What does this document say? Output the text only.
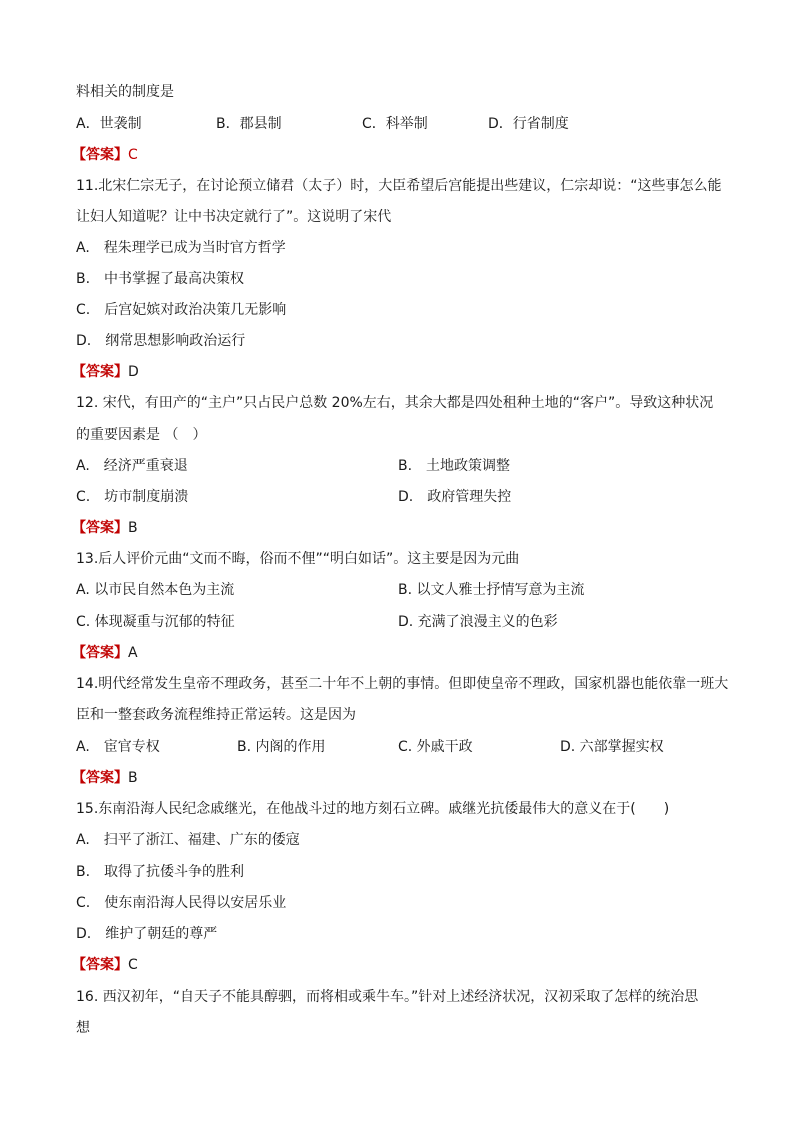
料相关的制度是
A．世袭制	B．郡县制	C．科举制	D．行省制度
【答案】C
11.北宋仁宗无子，在讨论预立储君（太子）时，大臣希望后宫能提出些建议，仁宗却说：“这些事怎么能
让妇人知道呢？让中书决定就行了”。这说明了宋代
A.　程朱理学已成为当时官方哲学
B.　中书掌握了最高决策权
C.　后宫妃嫔对政治决策几无影响
D.　纲常思想影响政治运行
【答案】D
12. 宋代，有田产的“主户”只占民户总数 20%左右，其余大都是四处租种土地的“客户”。导致这种状况
的重要因素是 （　）
A.　经济严重衰退	B.　土地政策调整
C.　坊市制度崩溃	D.　政府管理失控
【答案】B
13.后人评价元曲“文而不晦，俗而不俚”“明白如话”。这主要是因为元曲
A. 以市民自然本色为主流	B. 以文人雅士抒情写意为主流
C. 体现凝重与沉郁的特征	D. 充满了浪漫主义的色彩
【答案】A
14.明代经常发生皇帝不理政务，甚至二十年不上朝的事情。但即使皇帝不理政，国家机器也能依靠一班大
臣和一整套政务流程维持正常运转。这是因为
A.　宦官专权	B. 内阁的作用	C. 外戚干政	D. 六部掌握实权
【答案】B
15.东南沿海人民纪念戚继光，在他战斗过的地方刻石立碑。戚继光抗倭最伟大的意义在于(　　)
A.　扫平了浙江、福建、广东的倭寇
B.　取得了抗倭斗争的胜利
C.　使东南沿海人民得以安居乐业
D.　维护了朝廷的尊严
【答案】C
16. 西汉初年，“自天子不能具醇驷，而将相或乘牛车。”针对上述经济状况，汉初采取了怎样的统治思
想
